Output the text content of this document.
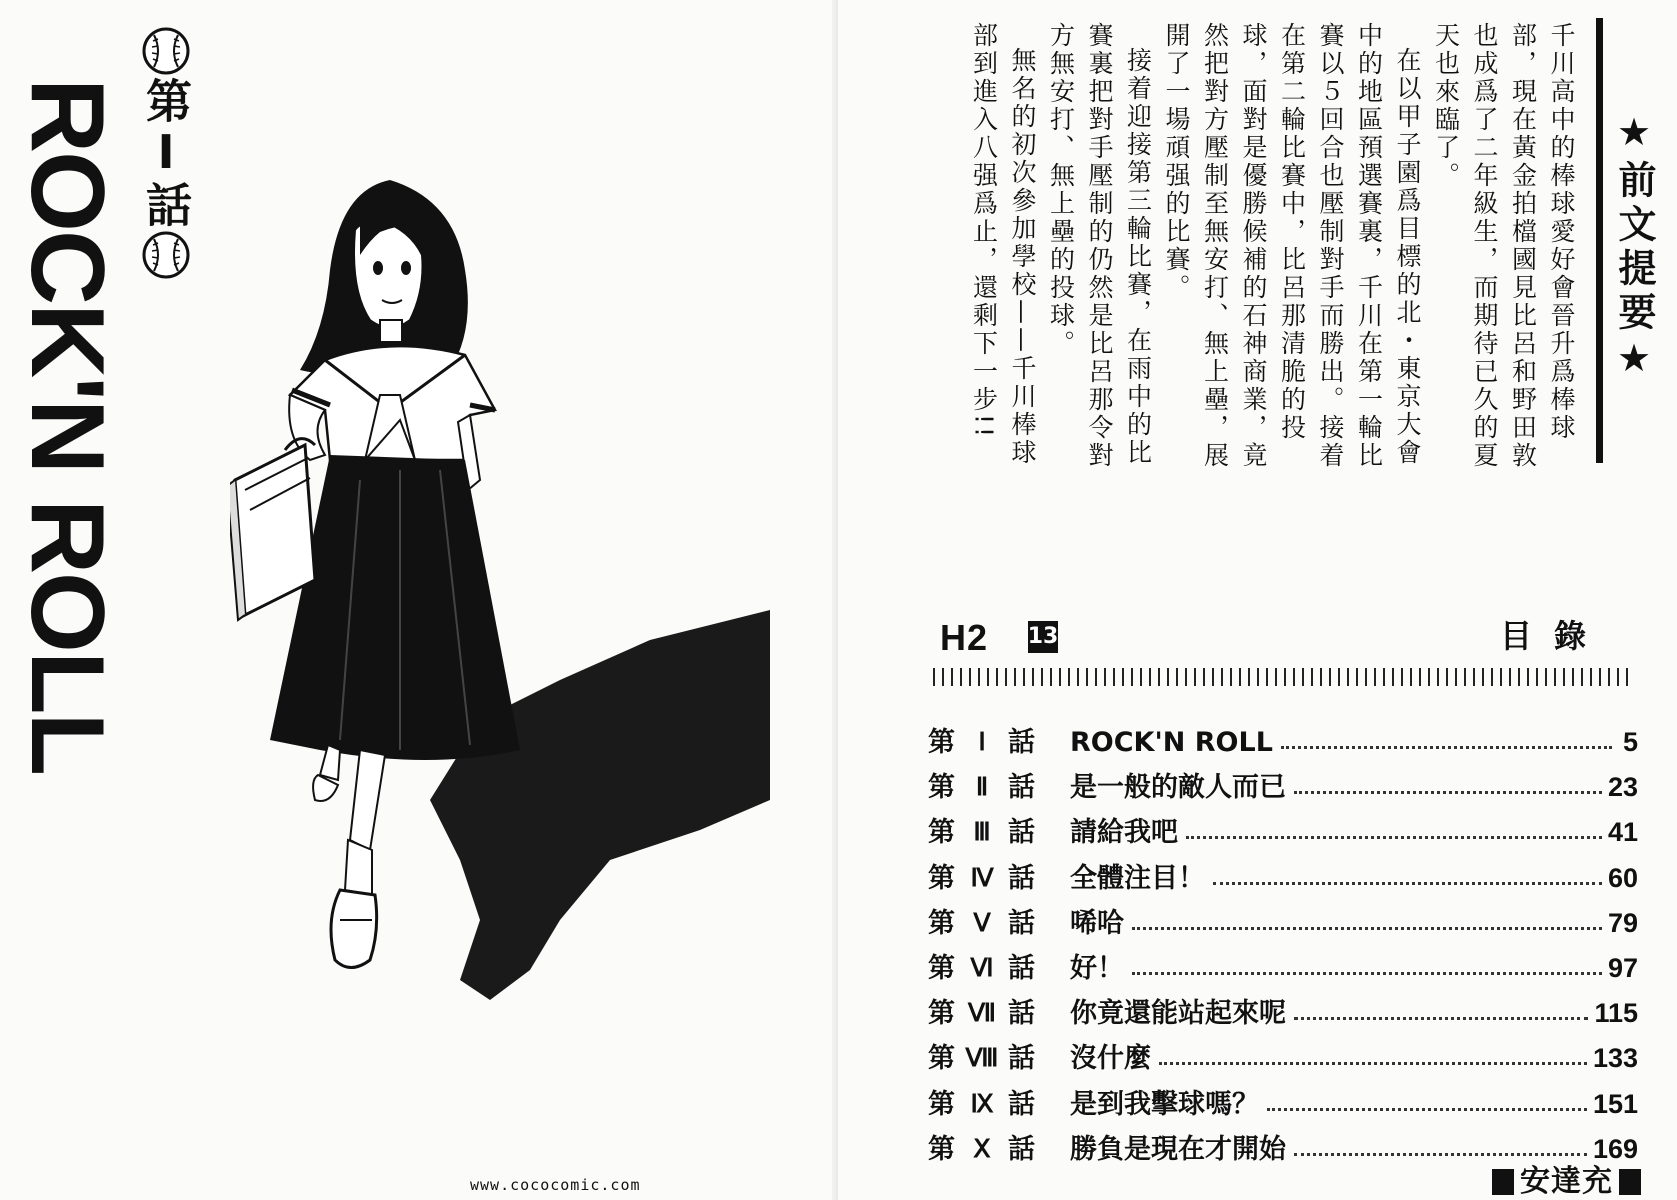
第Ⅰ話
ROCK'N ROLL
www.cococomic.com
★前文提要★

千川高中的棒球愛好會晉升爲棒球部，現在黃金拍檔國見比呂和野田敦也成爲了二年級生，而期待已久的夏天也來臨了。

在以甲子園爲目標的北・東京大會中的地區預選賽裏，千川在第一輪比賽以５回合也壓制對手而勝出。接着在第二輪比賽中，比呂那清脆的投球，面對是優勝候補的石神商業，竟然把對方壓制至無安打、無上壘，展開了一場頑强的比賽。

接着迎接第三輪比賽，在雨中的比賽裏把對手壓制的仍然是比呂那令對方無安打、無上壘的投球。

無名的初次參加學校——千川棒球部到進入八强爲止，還剩下一步!!

H2 13	目錄
第 Ⅰ 話	ROCK'N ROLL	5
第 Ⅱ 話	是一般的敵人而已	23
第 Ⅲ 話	請給我吧	41
第 Ⅳ 話	全體注目！	60
第 Ⅴ 話	唏哈	79
第 Ⅵ 話	好！	97
第 Ⅶ 話	你竟還能站起來呢	115
第 Ⅷ 話	沒什麼	133
第 Ⅸ 話	是到我擊球嗎？	151
第 Ⅹ 話	勝負是現在才開始	169
安達充
